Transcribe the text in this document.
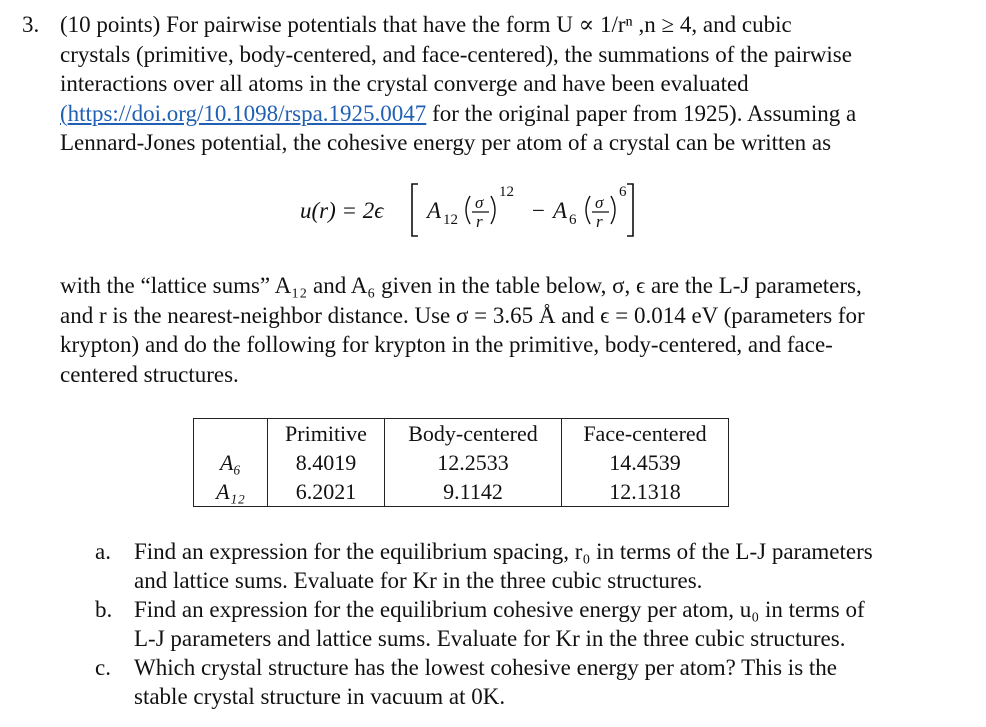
3. (10 points) For pairwise potentials that have the form U ∝ 1/rⁿ ,n ≥ 4, and cubic
crystals (primitive, body-centered, and face-centered), the summations of the pairwise
interactions over all atoms in the crystal converge and have been evaluated
(https://doi.org/10.1098/rspa.1925.0047 for the original paper from 1925). Assuming a
Lennard-Jones potential, the cohesive energy per atom of a crystal can be written as
u(r) = 2ϵ A 12
σ
r
12
− A 6
σ
r
6
with the “lattice sums” A₁₂ and A₆ given in the table below, σ, ϵ are the L-J parameters,
and r is the nearest-neighbor distance. Use σ = 3.65 Å and ϵ = 0.014 eV (parameters for
krypton) and do the following for krypton in the primitive, body-centered, and face-
centered structures.
	Primitive	Body-centered	Face-centered
A₆	8.4019	12.2533	14.4539
A₁₂	6.2021	9.1142	12.1318
a. Find an expression for the equilibrium spacing, r₀ in terms of the L-J parameters
and lattice sums. Evaluate for Kr in the three cubic structures.
b. Find an expression for the equilibrium cohesive energy per atom, u₀ in terms of
L-J parameters and lattice sums. Evaluate for Kr in the three cubic structures.
c. Which crystal structure has the lowest cohesive energy per atom? This is the
stable crystal structure in vacuum at 0K.
